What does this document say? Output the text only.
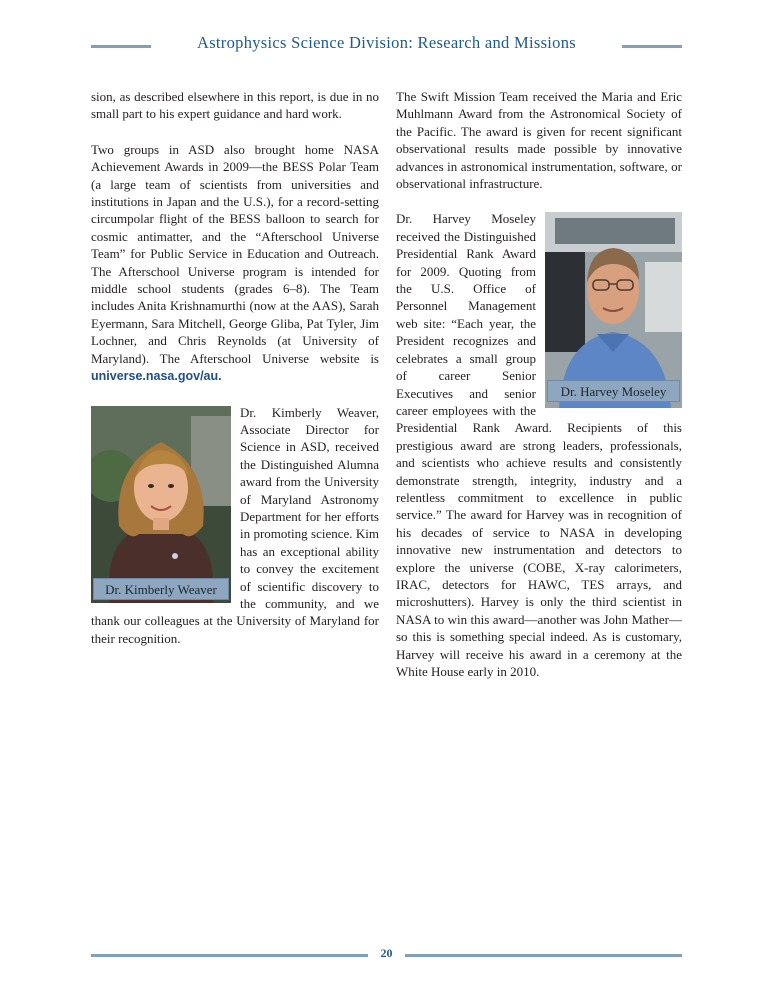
Astrophysics Science Division: Research and Missions

sion, as described elsewhere in this report, is due in no small part to his expert guidance and hard work.

Two groups in ASD also brought home NASA Achievement Awards in 2009—the BESS Polar Team (a large team of scientists from universities and institutions in Japan and the U.S.), for a record-setting circumpolar flight of the BESS balloon to search for cosmic antimatter, and the “Afterschool Universe Team” for Public Service in Education and Outreach. The Afterschool Universe program is intended for middle school students (grades 6–8). The Team includes Anita Krishnamurthi (now at the AAS), Sarah Eyermann, Sara Mitchell, George Gliba, Pat Tyler, Jim Lochner, and Chris Reynolds (at University of Maryland). The Afterschool Universe website is universe.nasa.gov/au.

Dr. Kimberly Weaver

Dr. Kimberly Weaver, Associate Director for Science in ASD, received the Distinguished Alumna award from the University of Maryland Astronomy Department for her efforts in promoting science. Kim has an exceptional ability to convey the excitement of scientific discovery to the community, and we thank our colleagues at the University of Maryland for their recognition.

The Swift Mission Team received the Maria and Eric Muhlmann Award from the Astronomical Society of the Pacific. The award is given for recent significant observational results made possible by innovative advances in astronomical instrumentation, software, or observational infrastructure.

Dr. Harvey Moseley

Dr. Harvey Moseley received the Distinguished Presidential Rank Award for 2009. Quoting from the U.S. Office of Personnel Management web site: “Each year, the President recognizes and celebrates a small group of career Senior Executives and senior career employees with the Presidential Rank Award. Recipients of this prestigious award are strong leaders, professionals, and scientists who achieve results and consistently demonstrate strength, integrity, industry and a relentless commitment to excellence in public service.” The award for Harvey was in recognition of his decades of service to NASA in developing innovative new instrumentation and detectors to explore the universe (COBE, X-ray calorimeters, IRAC, detectors for HAWC, TES arrays, and microshutters). Harvey is only the third scientist in NASA to win this award—another was John Mather—so this is something special indeed. As is customary, Harvey will receive his award in a ceremony at the White House early in 2010.

20
